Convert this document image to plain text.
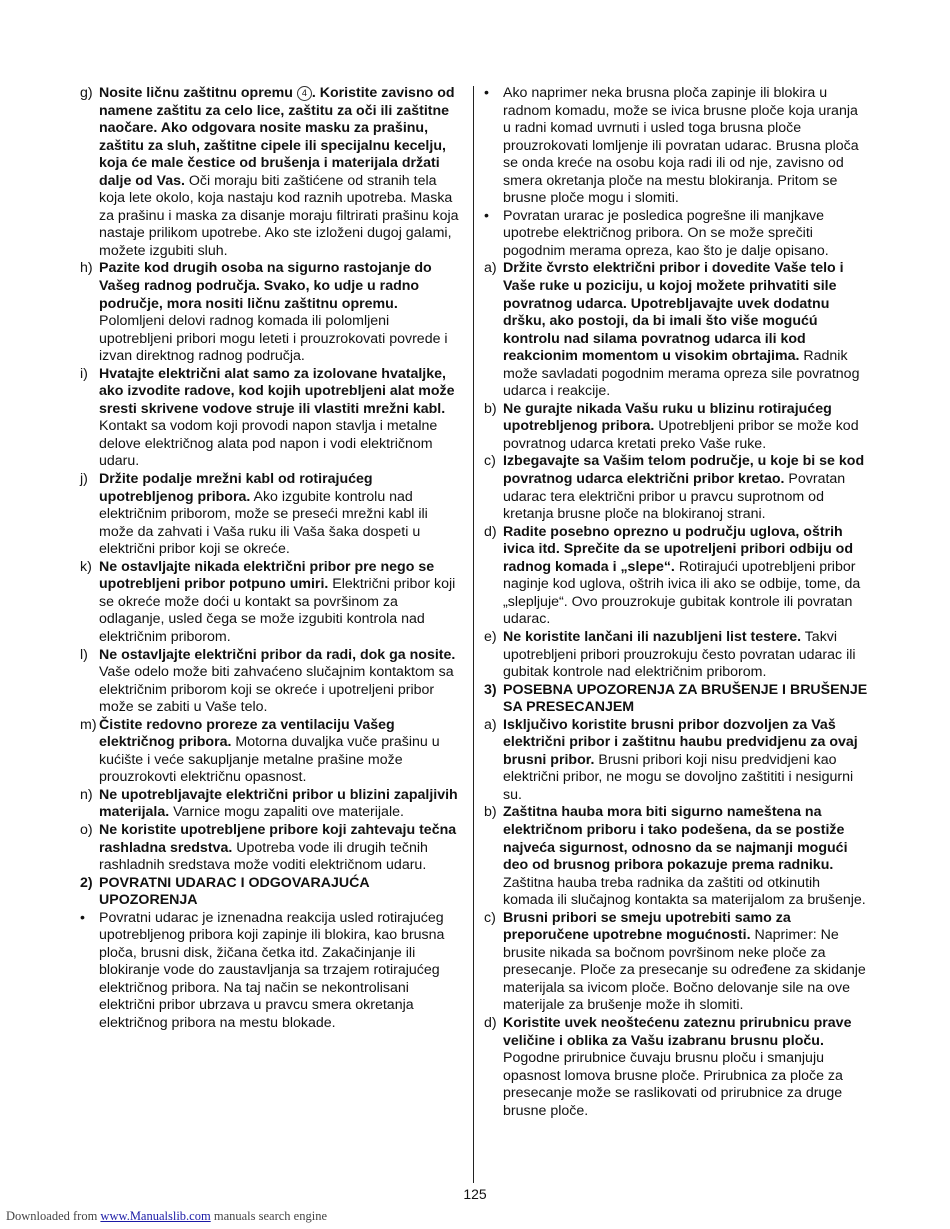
g) Nosite ličnu zaštitnu opremu 4 . Koristite zavisno od namene zaštitu za celo lice, zaštitu za oči ili zaštitne naočare. Ako odgovara nosite masku za prašinu, zaštitu za sluh, zaštitne cipele ili specijalnu kecelju, koja će male čestice od brušenja i materijala držati dalje od Vas. Oči moraju biti zaštićene od stranih tela koja lete okolo, koja nastaju kod raznih upotreba. Maska za prašinu i maska za disanje moraju filtrirati prašinu koja nastaje prilikom upotrebe. Ako ste izloženi dugoj galami, možete izgubiti sluh.
h) Pazite kod drugih osoba na sigurno rastojanje do Vašeg radnog područja. Svako, ko udje u radno područje, mora nositi ličnu zaštitnu opremu. Polomljeni delovi radnog komada ili polomljeni upotrebljeni pribori mogu leteti i prouzrokovati povrede i izvan direktnog radnog područja.
i) Hvatajte električni alat samo za izolovane hvataljke, ako izvodite radove, kod kojih upotrebljeni alat može sresti skrivene vodove struje ili vlastiti mrežni kabl. Kontakt sa vodom koji provodi napon stavlja i metalne delove električnog alata pod napon i vodi električnom udaru.
j) Držite podalje mrežni kabl od rotirajućeg upotrebljenog pribora. Ako izgubite kontrolu nad električnim priborom, može se preseći mrežni kabl ili može da zahvati i Vaša ruku ili Vaša šaka dospeti u električni pribor koji se okreće.
k) Ne ostavljajte nikada električni pribor pre nego se upotrebljeni pribor potpuno umiri. Električni pribor koji se okreće može doći u kontakt sa površinom za odlaganje, usled čega se može izgubiti kontrola nad električnim priborom.
l) Ne ostavljajte električni pribor da radi, dok ga nosite. Vaše odelo može biti zahvaćeno slučajnim kontaktom sa električnim priborom koji se okreće i upotreljeni pribor može se zabiti u Vaše telo.
m) Čistite redovno proreze za ventilaciju Vašeg električnog pribora. Motorna duvaljka vuče prašinu u kućište i veće sakupljanje metalne prašine može prouzrokovti električnu opasnost.
n) Ne upotrebljavajte električni pribor u blizini zapaljivih materijala. Varnice mogu zapaliti ove materijale.
o) Ne koristite upotrebljene pribore koji zahtevaju tečna rashladna sredstva. Upotreba vode ili drugih tečnih rashladnih sredstava može voditi električnom udaru.
2) POVRATNI UDARAC I ODGOVARAJUĆA UPOZORENJA
• Povratni udarac je iznenadna reakcija usled rotirajućeg upotrebljenog pribora koji zapinje ili blokira, kao brusna ploča, brusni disk, žičana četka itd. Zakačinjanje ili blokiranje vode do zaustavljanja sa trzajem rotirajućeg električnog pribora. Na taj način se nekontrolisani električni pribor ubrzava u pravcu smera okretanja električnog pribora na mestu blokade.
• Ako naprimer neka brusna ploča zapinje ili blokira u radnom komadu, može se ivica brusne ploče koja uranja u radni komad uvrnuti i usled toga brusna ploče prouzrokovati lomljenje ili povratan udarac. Brusna ploča se onda kreće na osobu koja radi ili od nje, zavisno od smera okretanja ploče na mestu blokiranja. Pritom se brusne ploče mogu i slomiti.
• Povratan urarac je posledica pogrešne ili manjkave upotrebe električnog pribora. On se može sprečiti pogodnim merama opreza, kao što je dalje opisano.
a) Držite čvrsto električni pribor i dovedite Vaše telo i Vaše ruke u poziciju, u kojoj možete prihvatiti sile povratnog udarca. Upotrebljavajte uvek dodatnu dršku, ako postoji, da bi imali što više mogućú kontrolu nad silama povratnog udarca ili kod reakcionim momentom u visokim obrtajima. Radnik može savladati pogodnim merama opreza sile povratnog udarca i reakcije.
b) Ne gurajte nikada Vašu ruku u blizinu rotirajućeg upotrebljenog pribora. Upotrebljeni pribor se može kod povratnog udarca kretati preko Vaše ruke.
c) Izbegavajte sa Vašim telom područje, u koje bi se kod povratnog udarca električni pribor kretao. Povratan udarac tera električni pribor u pravcu suprotnom od kretanja brusne ploče na blokiranoj strani.
d) Radite posebno oprezno u području uglova, oštrih ivica itd. Sprečite da se upotreljeni pribori odbiju od radnog komada i „slepe“. Rotirajući upotrebljeni pribor naginje kod uglova, oštrih ivica ili ako se odbije, tome, da „slepljuje“. Ovo prouzrokuje gubitak kontrole ili povratan udarac.
e) Ne koristite lančani ili nazubljeni list testere. Takvi upotrebljeni pribori prouzrokuju često povratan udarac ili gubitak kontrole nad električnim priborom.
3) POSEBNA UPOZORENJA ZA BRUŠENJE I BRUŠENJE SA PRESECANJEM
a) Isključivo koristite brusni pribor dozvoljen za Vaš električni pribor i zaštitnu haubu predvidjenu za ovaj brusni pribor. Brusni pribori koji nisu predvidjeni kao električni pribor, ne mogu se dovoljno zaštititi i nesigurni su.
b) Zaštitna hauba mora biti sigurno nameštena na električnom priboru i tako podešena, da se postiže najveća sigurnost, odnosno da se najmanji mogući deo od brusnog pribora pokazuje prema radniku. Zaštitna hauba treba radnika da zaštiti od otkinutih komada ili slučajnog kontakta sa materijalom za brušenje.
c) Brusni pribori se smeju upotrebiti samo za preporučene upotrebne mogućnosti. Naprimer: Ne brusite nikada sa bočnom površinom neke ploče za presecanje. Ploče za presecanje su određene za skidanje materijala sa ivicom ploče. Bočno delovanje sile na ove materijale za brušenje može ih slomiti.
d) Koristite uvek neoštećenu zateznu prirubnicu prave veličine i oblika za Vašu izabranu brusnu ploču. Pogodne prirubnice čuvaju brusnu ploču i smanjuju opasnost lomova brusne ploče. Prirubnica za ploče za presecanje može se raslikovati od prirubnice za druge brusne ploče.
125
Downloaded from www.Manualslib.com manuals search engine
